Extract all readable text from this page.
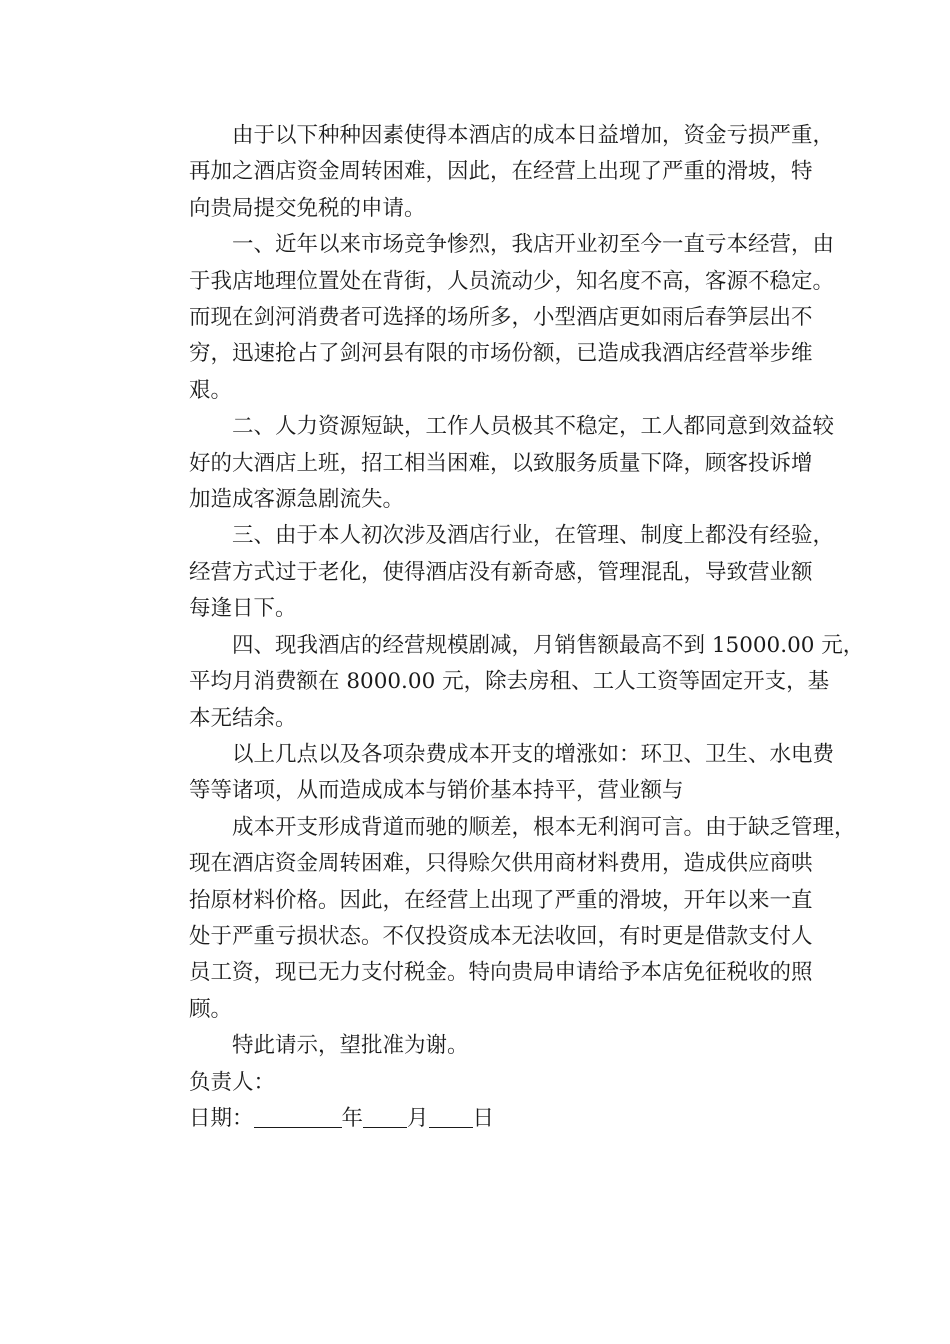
由于以下种种因素使得本酒店的成本日益增加，资金亏损严重，
再加之酒店资金周转困难，因此，在经营上出现了严重的滑坡，特
向贵局提交免税的申请。

一、近年以来市场竞争惨烈，我店开业初至今一直亏本经营，由
于我店地理位置处在背街，人员流动少，知名度不高，客源不稳定。
而现在剑河消费者可选择的场所多，小型酒店更如雨后春笋层出不
穷，迅速抢占了剑河县有限的市场份额，已造成我酒店经营举步维
艰。

二、人力资源短缺，工作人员极其不稳定，工人都同意到效益较
好的大酒店上班，招工相当困难，以致服务质量下降，顾客投诉增
加造成客源急剧流失。

三、由于本人初次涉及酒店行业，在管理、制度上都没有经验，
经营方式过于老化，使得酒店没有新奇感，管理混乱，导致营业额
每逢日下。

四、现我酒店的经营规模剧减，月销售额最高不到 15000.00 元，
平均月消费额在 8000.00 元，除去房租、工人工资等固定开支，基
本无结余。

以上几点以及各项杂费成本开支的增涨如：环卫、卫生、水电费
等等诸项，从而造成成本与销价基本持平，营业额与

成本开支形成背道而驰的顺差，根本无利润可言。由于缺乏管理，
现在酒店资金周转困难，只得赊欠供用商材料费用，造成供应商哄
抬原材料价格。因此，在经营上出现了严重的滑坡，开年以来一直
处于严重亏损状态。不仅投资成本无法收回，有时更是借款支付人
员工资，现已无力支付税金。特向贵局申请给予本店免征税收的照
顾。

特此请示，望批准为谢。

负责人：
日期：	年 月 日
